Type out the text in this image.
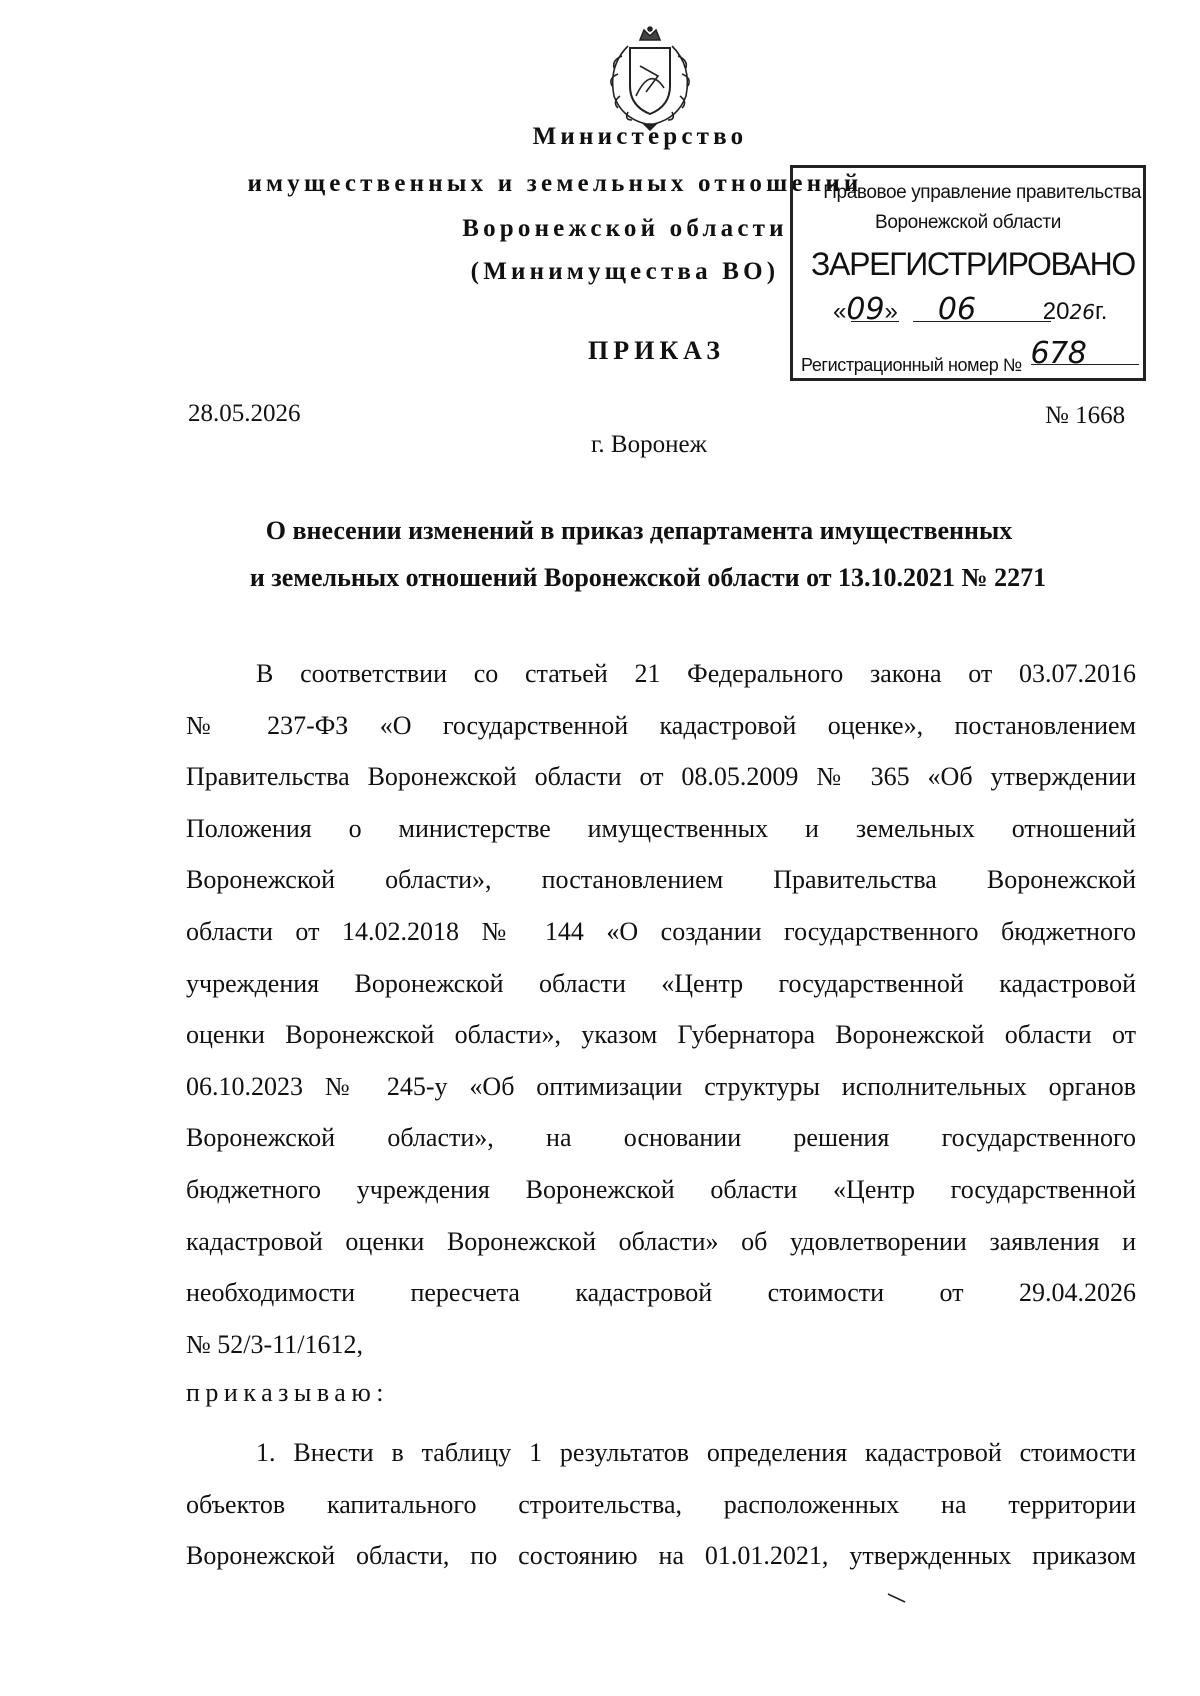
Министерство
имущественных и земельных отношений
Воронежской области
(Минимущества ВО)
ПРИКАЗ
28.05.2026	№ 1668
г. Воронеж
О внесении изменений в приказ департамента имущественных
и земельных отношений Воронежской области от 13.10.2021 № 2271
В соответствии со статьей 21 Федерального закона от 03.07.2016
№ 237-ФЗ «О государственной кадастровой оценке», постановлением
Правительства Воронежской области от 08.05.2009 № 365 «Об утверждении
Положения о министерстве имущественных и земельных отношений
Воронежской области», постановлением Правительства Воронежской
области от 14.02.2018 № 144 «О создании государственного бюджетного
учреждения Воронежской области «Центр государственной кадастровой
оценки Воронежской области», указом Губернатора Воронежской области от
06.10.2023 № 245-у «Об оптимизации структуры исполнительных органов
Воронежской области», на основании решения государственного
бюджетного учреждения Воронежской области «Центр государственной
кадастровой оценки Воронежской области» об удовлетворении заявления и
необходимости пересчета кадастровой стоимости от 29.04.2026
№ 52/3-11/1612,
приказываю:
1. Внести в таблицу 1 результатов определения кадастровой стоимости
объектов капитального строительства, расположенных на территории
Воронежской области, по состоянию на 01.01.2021, утвержденных приказом
Правовое управление правительства
Воронежской области
ЗАРЕГИСТРИРОВАНО
«09»      06	2026г.
Регистрационный номер № 678
